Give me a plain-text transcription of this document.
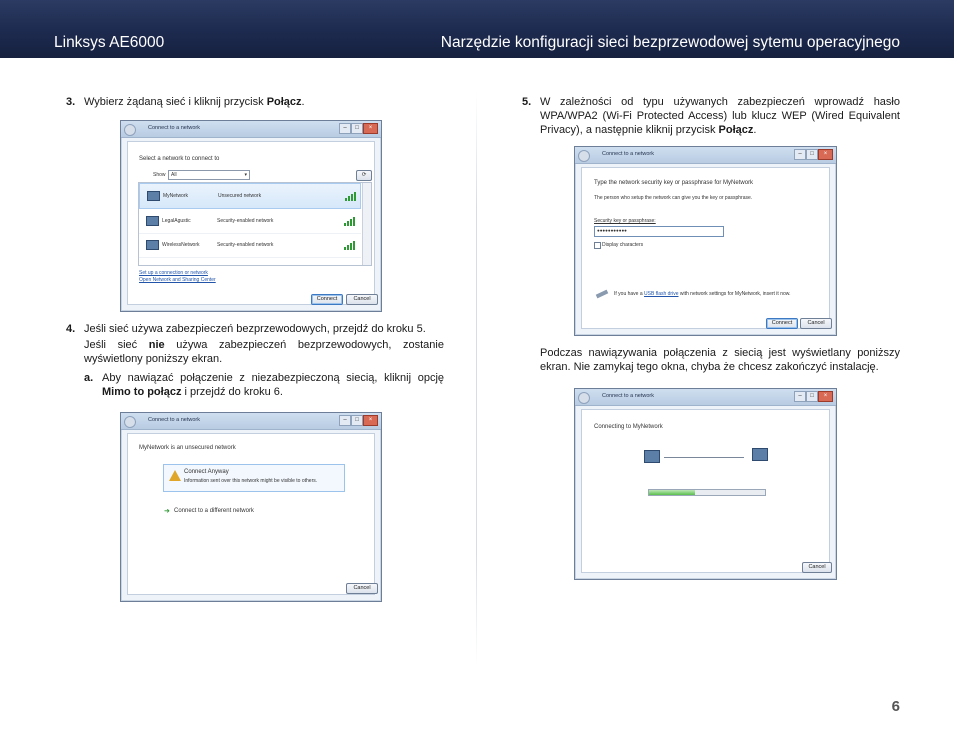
Linksys AE6000	Narzędzie konfiguracji sieci bezprzewodowej sytemu operacyjnego
3. Wybierz żądaną sieć i kliknij przycisk Połącz.
Connect to a network	–	□	×
Select a network to connect to
Show All	▾	⟳
MyNetwork	Unsecured network
LegalAgustic	Security-enabled network
WirelessNetwork	Security-enabled network
Set up a connection or network
Open Network and Sharing Center
Connect	Cancel
4. Jeśli sieć używa zabezpieczeń bezprzewodowych, przejdź do kroku 5.
Jeśli sieć nie używa zabezpieczeń bezprzewodowych, zostanie wyświetlony poniższy ekran.
a. Aby nawiązać połączenie z niezabezpieczoną siecią, kliknij opcję Mimo to połącz i przejdź do kroku 6.
Connect to a network	–	□	×
MyNetwork is an unsecured network
Connect Anyway
Information sent over this network might be visible to others.
➜ Connect to a different network
Cancel
5. W zależności od typu używanych zabezpieczeń wprowadź hasło WPA/WPA2 (Wi-Fi Protected Access) lub klucz WEP (Wired Equivalent Privacy), a następnie kliknij przycisk Połącz.
Connect to a network	–	□	×
Type the network security key or passphrase for MyNetwork
The person who setup the network can give you the key or passphrase.
Security key or passphrase:
●●●●●●●●●●●
Display characters
If you have a USB flash drive with network settings for MyNetwork, insert it now.
Connect	Cancel
Podczas nawiązywania połączenia z siecią jest wyświetlany poniższy ekran. Nie zamykaj tego okna, chyba że chcesz zakończyć instalację.
Connect to a network	–	□	×
Connecting to MyNetwork
Cancel
6
